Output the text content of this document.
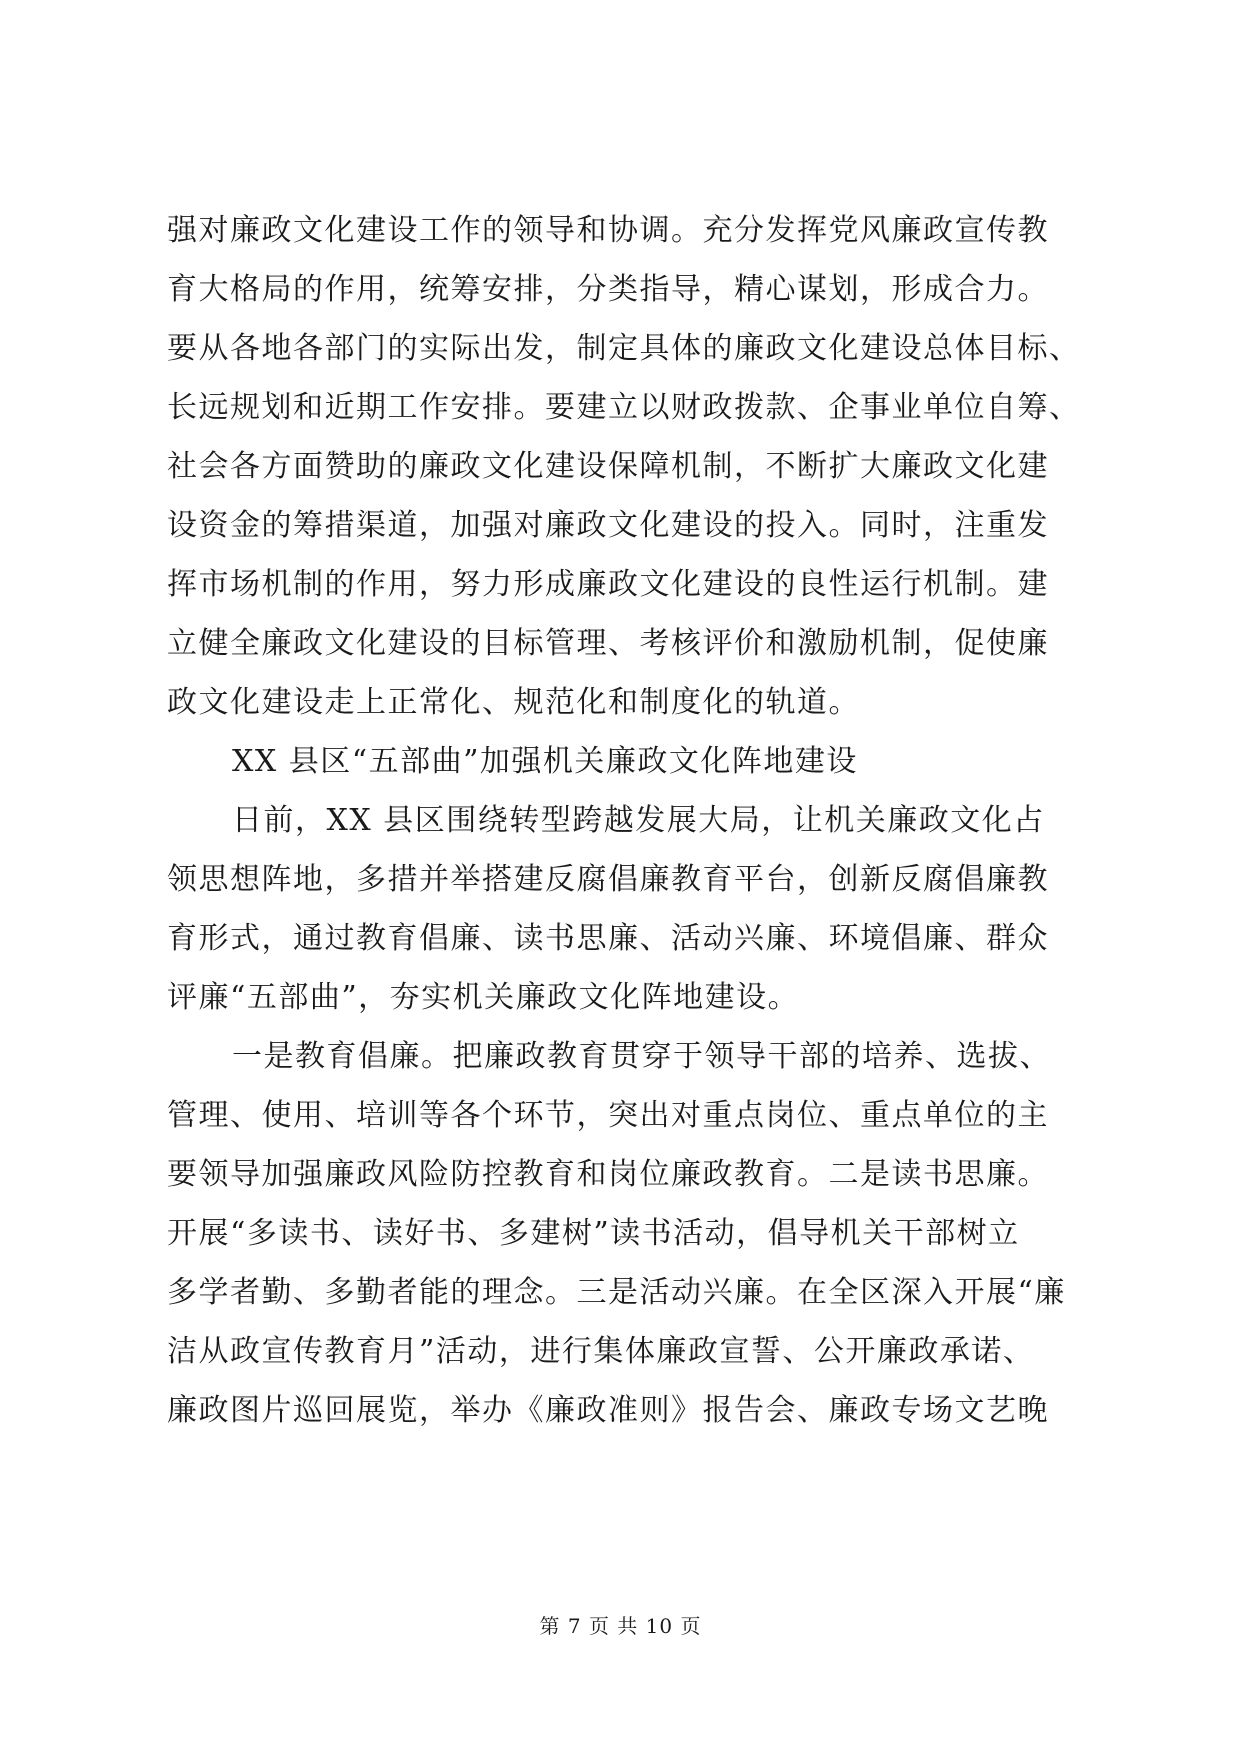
强对廉政文化建设工作的领导和协调。充分发挥党风廉政宣传教
育大格局的作用，统筹安排，分类指导，精心谋划，形成合力。
要从各地各部门的实际出发，制定具体的廉政文化建设总体目标、
长远规划和近期工作安排。要建立以财政拨款、企事业单位自筹、
社会各方面赞助的廉政文化建设保障机制，不断扩大廉政文化建
设资金的筹措渠道，加强对廉政文化建设的投入。同时，注重发
挥市场机制的作用，努力形成廉政文化建设的良性运行机制。建
立健全廉政文化建设的目标管理、考核评价和激励机制，促使廉
政文化建设走上正常化、规范化和制度化的轨道。
XX 县区“五部曲”加强机关廉政文化阵地建设
日前，XX 县区围绕转型跨越发展大局，让机关廉政文化占
领思想阵地，多措并举搭建反腐倡廉教育平台，创新反腐倡廉教
育形式，通过教育倡廉、读书思廉、活动兴廉、环境倡廉、群众
评廉“五部曲”，夯实机关廉政文化阵地建设。
一是教育倡廉。把廉政教育贯穿于领导干部的培养、选拔、
管理、使用、培训等各个环节，突出对重点岗位、重点单位的主
要领导加强廉政风险防控教育和岗位廉政教育。二是读书思廉。
开展“多读书、读好书、多建树”读书活动，倡导机关干部树立
多学者勤、多勤者能的理念。三是活动兴廉。在全区深入开展“廉
洁从政宣传教育月”活动，进行集体廉政宣誓、公开廉政承诺、
廉政图片巡回展览，举办《廉政准则》报告会、廉政专场文艺晚
第 7 页 共 10 页
